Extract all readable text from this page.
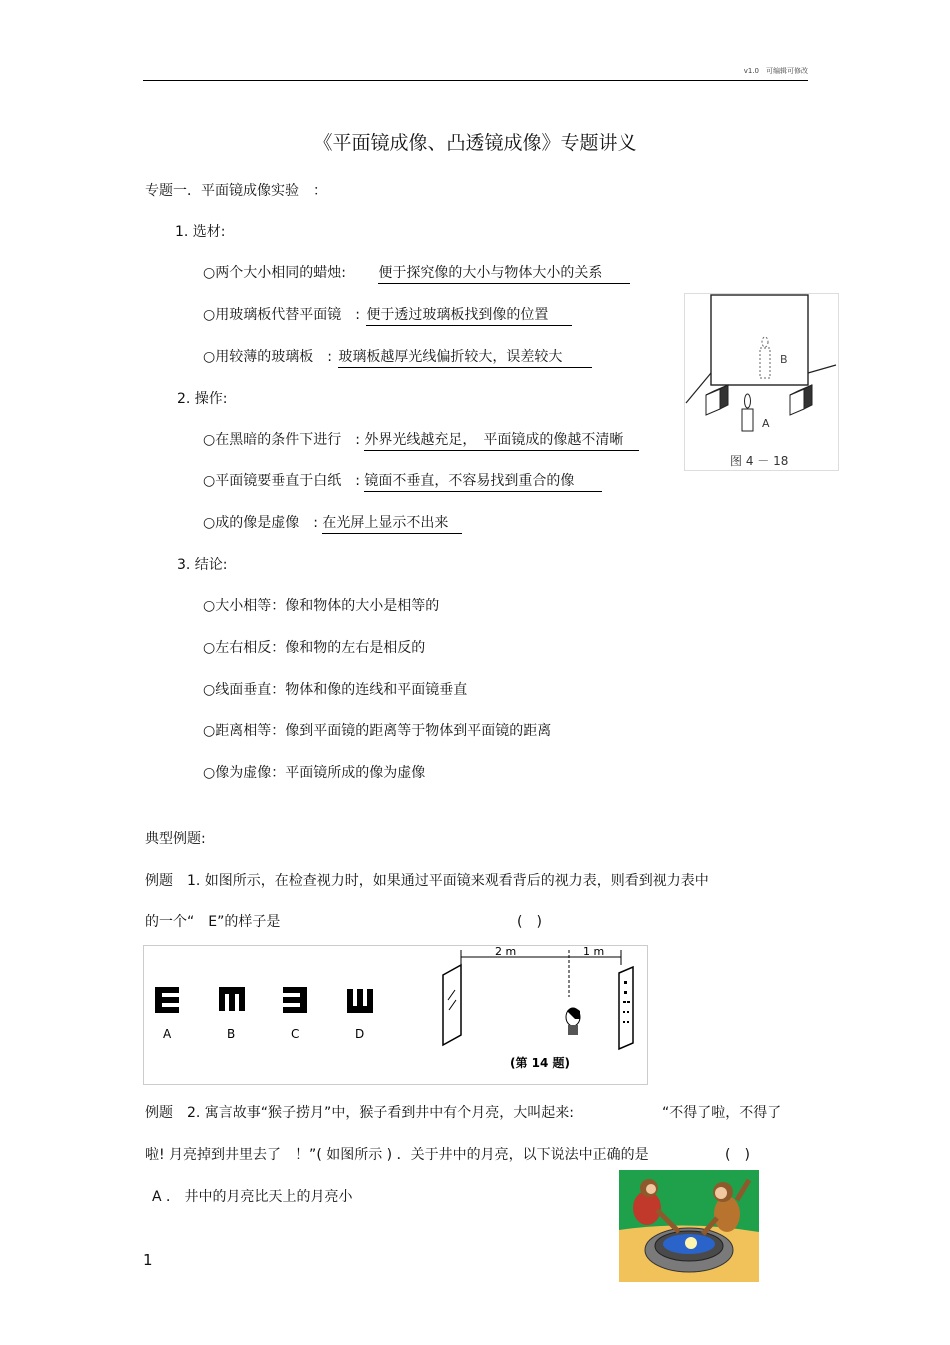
v1.0　可编辑可修改
《平面镜成像、凸透镜成像》专题讲义
专题一．平面镜成像实验　：
1. 选材:
○两个大小相同的蜡烛: 便于探究像的大小与物体大小的关系
○用玻璃板代替平面镜　: 便于透过玻璃板找到像的位置
○用较薄的玻璃板　: 玻璃板越厚光线偏折较大，误差较大
2. 操作:
○在黑暗的条件下进行　: 外界光线越充足，　平面镜成的像越不清晰
○平面镜要垂直于白纸　: 镜面不垂直，不容易找到重合的像
○成的像是虚像　: 在光屏上显示不出来
3. 结论:
○大小相等：像和物体的大小是相等的
○左右相反：像和物的左右是相反的
○线面垂直：物体和像的连线和平面镜垂直
○距离相等：像到平面镜的距离等于物体到平面镜的距离
○像为虚像：平面镜所成的像为虚像
B
A
图 4 － 18
典型例题:
例题　1. 如图所示，在检查视力时，如果通过平面镜来观看背后的视力表，则看到视力表中
的一个“　E”的样子是	(　)
A	B	C	D
2 m	1 m
(第 14 题)
例题　2. 寓言故事“猴子捞月”中，猴子看到井中有个月亮，大叫起来:	“不得了啦，不得了
啦! 月亮掉到井里去了　！”( 如图所示 ) ．关于井中的月亮，以下说法中正确的是	(　)
A ． 井中的月亮比天上的月亮小
1
